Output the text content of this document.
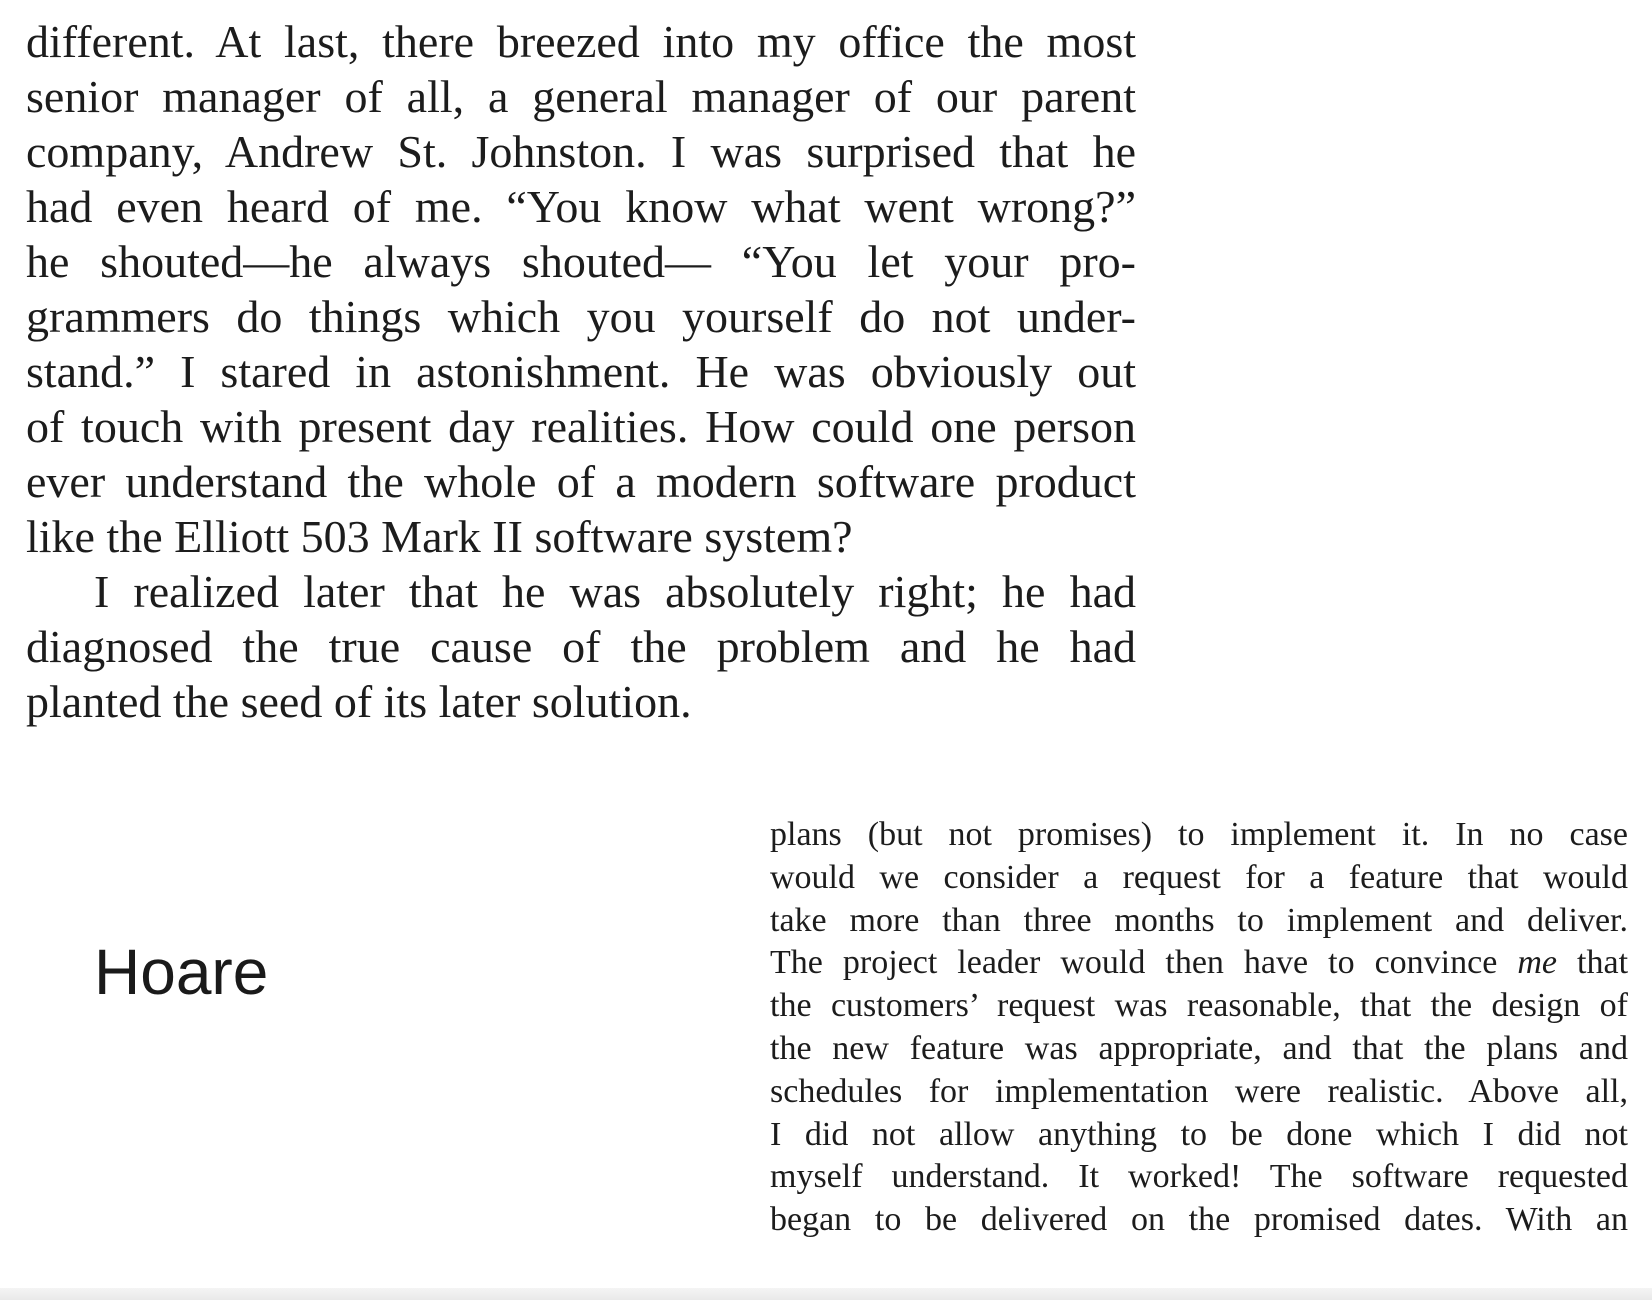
different. At last, there breezed into my office the most
senior manager of all, a general manager of our parent
company, Andrew St. Johnston. I was surprised that he
had even heard of me. “You know what went wrong?”
he shouted—he always shouted— “You let your pro-
grammers do things which you yourself do not under-
stand.” I stared in astonishment. He was obviously out
of touch with present day realities. How could one person
ever understand the whole of a modern software product
like the Elliott 503 Mark II software system?
I realized later that he was absolutely right; he had
diagnosed the true cause of the problem and he had
planted the seed of its later solution.
Hoare
plans (but not promises) to implement it. In no case
would we consider a request for a feature that would
take more than three months to implement and deliver.
The project leader would then have to convince me that
the customers’ request was reasonable, that the design of
the new feature was appropriate, and that the plans and
schedules for implementation were realistic. Above all,
I did not allow anything to be done which I did not
myself understand. It worked! The software requested
began to be delivered on the promised dates. With an
